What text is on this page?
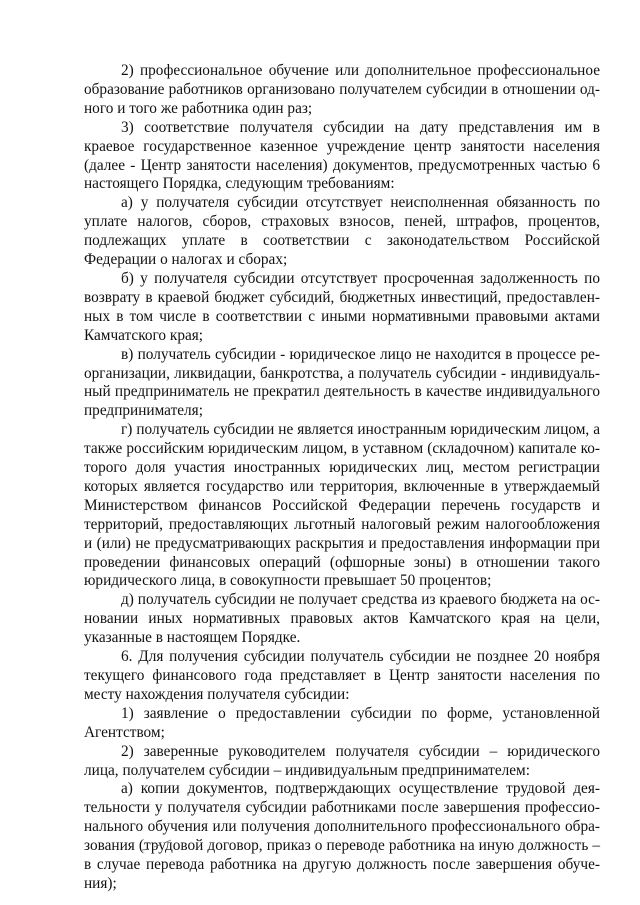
2) профессиональное обучение или дополнительное профессиональное образование работников организовано получателем субсидии в отношении одного и того же работника один раз;

3) соответствие получателя субсидии на дату представления им в краевое государственное казенное учреждение центр занятости населения (далее - Центр занятости населения) документов, предусмотренных частью 6 настоящего Порядка, следующим требованиям:

а) у получателя субсидии отсутствует неисполненная обязанность по уплате налогов, сборов, страховых взносов, пеней, штрафов, процентов, подлежащих уплате в соответствии с законодательством Российской Федерации о налогах и сборах;

б) у получателя субсидии отсутствует просроченная задолженность по возврату в краевой бюджет субсидий, бюджетных инвестиций, предоставленных в том числе в соответствии с иными нормативными правовыми актами Камчатского края;

в) получатель субсидии - юридическое лицо не находится в процессе реорганизации, ликвидации, банкротства, а получатель субсидии - индивидуальный предприниматель не прекратил деятельность в качестве индивидуального предпринимателя;

г) получатель субсидии не является иностранным юридическим лицом, а также российским юридическим лицом, в уставном (складочном) капитале которого доля участия иностранных юридических лиц, местом регистрации которых является государство или территория, включенные в утверждаемый Министерством финансов Российской Федерации перечень государств и территорий, предоставляющих льготный налоговый режим налогообложения и (или) не предусматривающих раскрытия и предоставления информации при проведении финансовых операций (офшорные зоны) в отношении такого юридического лица, в совокупности превышает 50 процентов;

д) получатель субсидии не получает средства из краевого бюджета на основании иных нормативных правовых актов Камчатского края на цели, указанные в настоящем Порядке.

6. Для получения субсидии получатель субсидии не позднее 20 ноября текущего финансового года представляет в Центр занятости населения по месту нахождения получателя субсидии:

1) заявление о предоставлении субсидии по форме, установленной Агентством;

2) заверенные руководителем получателя субсидии – юридического лица, получателем субсидии – индивидуальным предпринимателем:

а) копии документов, подтверждающих осуществление трудовой деятельности у получателя субсидии работниками после завершения профессионального обучения или получения дополнительного профессионального образования (трудовой договор, приказ о переводе работника на иную должность – в случае перевода работника на другую должность после завершения обучения);
